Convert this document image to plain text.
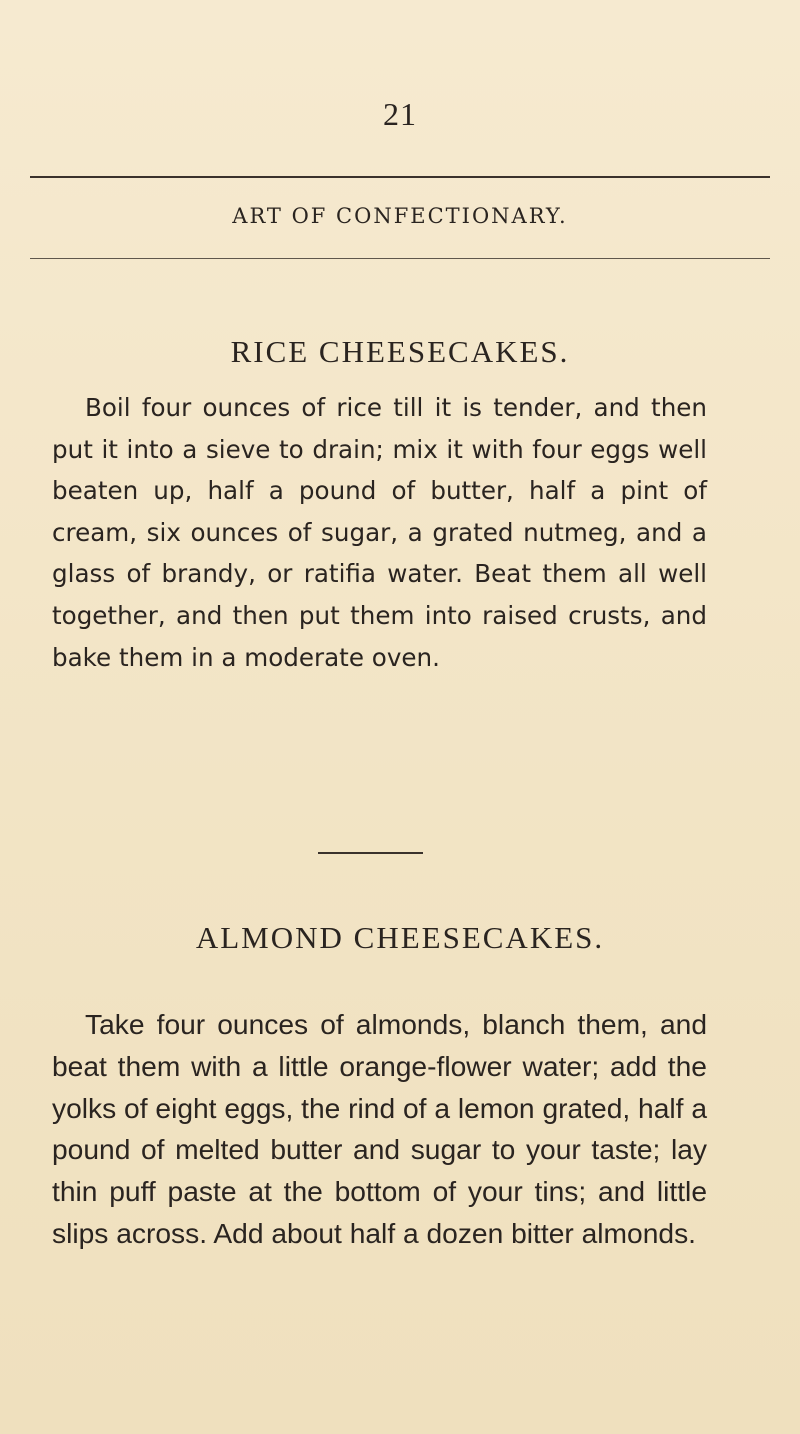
21
ART OF CONFECTIONARY.
RICE CHEESECAKES.

Boil four ounces of rice till it is tender, and then put it into a sieve to drain; mix it with four eggs well beaten up, half a pound of butter, half a pint of cream, six ounces of sugar, a grated nutmeg, and a glass of brandy, or ratifia water. Beat them all well together, and then put them into raised crusts, and bake them in a moderate oven.

ALMOND CHEESECAKES.

Take four ounces of almonds, blanch them, and beat them with a little orange-flower water; add the yolks of eight eggs, the rind of a lemon grated, half a pound of melted butter and sugar to your taste; lay thin puff paste at the bottom of your tins; and little slips across. Add about half a dozen bitter almonds.
